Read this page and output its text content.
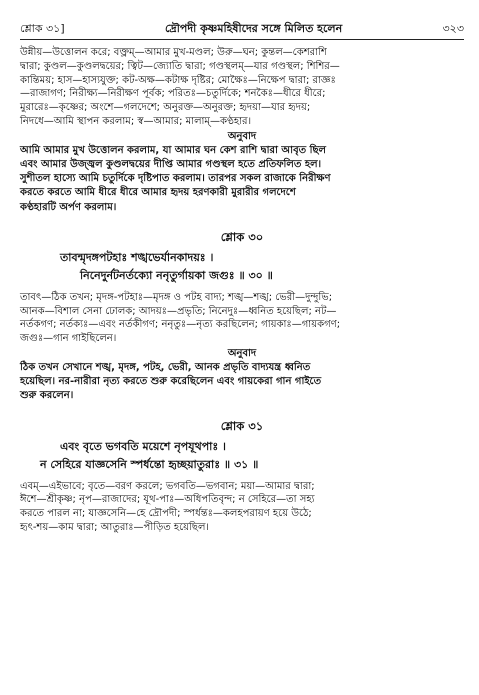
শ্লোক ৩১]	দ্রৌপদী কৃষ্ণমহিষীদের সঙ্গে মিলিত হলেন	৩২৩
উন্নীয়—উত্তোলন করে; বক্ত্রম্—আমার মুখ-মণ্ডল; উরু—ঘন; কুন্তল—কেশরাশি
দ্বারা; কুণ্ডল—কুণ্ডলদ্বয়ের; ত্বিট—জ্যোতি দ্বারা; গণ্ডস্থলম্—যার গণ্ডস্থল; শিশির—
কান্তিময়; হাস—হাস্যযুক্ত; কট-অক্ষ—কটাক্ষ দৃষ্টির; মোক্ষৈঃ—নিক্ষেপ দ্বারা; রাজ্ঞঃ
—রাজাগণ; নিরীক্ষ্য—নিরীক্ষণ পূর্বক; পরিতঃ—চতুর্দিকে; শনকৈঃ—ধীরে ধীরে;
মুরারেঃ—কৃষ্ণের; অংশে—গলদেশে; অনুরক্ত—অনুরক্ত; হৃদয়া—যার হৃদয়;
নিদধে—আমি স্থাপন করলাম; স্ব—আমার; মালাম্—কণ্ঠহার।
অনুবাদ
আমি আমার মুখ উত্তোলন করলাম, যা আমার ঘন কেশ রাশি দ্বারা আবৃত ছিল
এবং আমার উজ্জ্বল কুণ্ডলদ্বয়ের দীপ্তি আমার গণ্ডস্থল হতে প্রতিফলিত হল।
সুশীতল হাস্যে আমি চতুর্দিকে দৃষ্টিপাত করলাম। তারপর সকল রাজাকে নিরীক্ষণ
করতে করতে আমি ধীরে ধীরে আমার হৃদয় হরণকারী মুরারীর গলদেশে
কণ্ঠহারটি অর্পণ করলাম।
শ্লোক ৩০
তাবন্মৃদঙ্গপটহাঃ শঙ্খভের্যানকাদয়ঃ ।
নিনেদুর্নটনর্তক্যো ননৃতুর্গায়কা জগুঃ ॥ ৩০ ॥
তাবৎ—ঠিক তখন; মৃদঙ্গ-পটহাঃ—মৃদঙ্গ ও পটহ বাদ্য; শঙ্খ—শঙ্খ; ভেরী—দুন্দুভি;
আনক—বিশাল সেনা ঢোলক; আদয়ঃ—প্রভৃতি; নিনেদুঃ—ধ্বনিত হয়েছিল; নট—
নর্তকগণ; নর্তক্যঃ—এবং নর্তকীগণ; ননৃতুঃ—নৃত্য করছিলেন; গায়কাঃ—গায়কগণ;
জগুঃ—গান গাইছিলেন।
অনুবাদ
ঠিক তখন সেখানে শঙ্খ, মৃদঙ্গ, পটহ, ভেরী, আনক প্রভৃতি বাদ্যযন্ত্র ধ্বনিত
হয়েছিল। নর-নারীরা নৃত্য করতে শুরু করেছিলেন এবং গায়কেরা গান গাইতে
শুরু করলেন।
শ্লোক ৩১
এবং বৃতে ভগবতি ময়েশে নৃপযূথপাঃ ।
ন সেহিরে যাজ্ঞসেনি স্পর্ধন্তো হৃচ্ছয়াতুরাঃ ॥ ৩১ ॥
এবম্—এইভাবে; বৃতে—বরণ করলে; ভগবতি—ভগবান; ময়া—আমার দ্বারা;
ঈশে—শ্রীকৃষ্ণ; নৃপ—রাজাদের; যূথ-পাঃ—অধিপতিবৃন্দ; ন সেহিরে—তা সহ্য
করতে পারল না; যাজ্ঞসেনি—হে দ্রৌপদী; স্পর্ধন্তঃ—কলহপরায়ণ হয়ে উঠে;
হৃৎ-শয়—কাম দ্বারা; আতুরাঃ—পীড়িত হয়েছিল।
